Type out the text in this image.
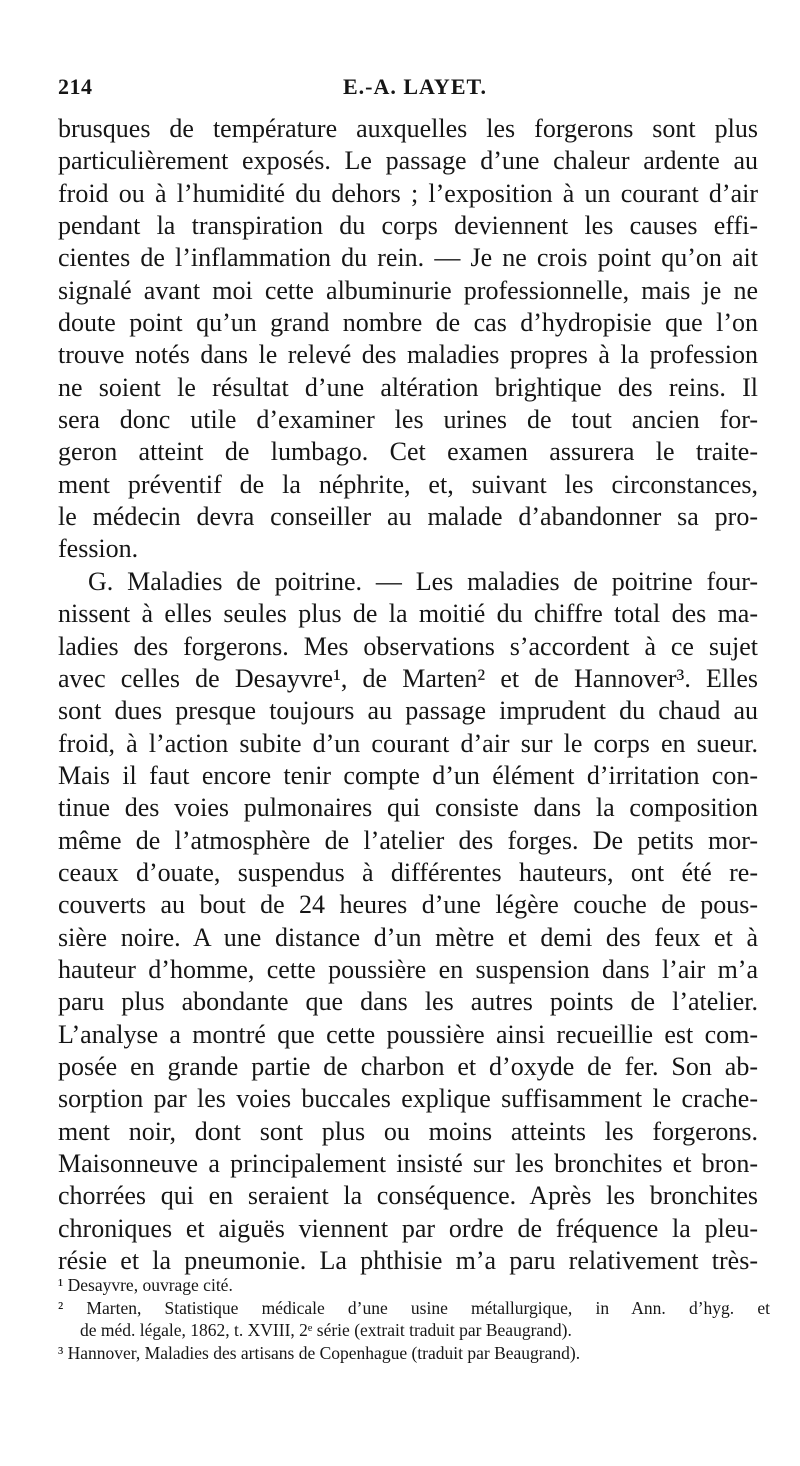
214	E.-A. LAYET.
brusques de température auxquelles les forgerons sont plus
particulièrement exposés. Le passage d’une chaleur ardente au
froid ou à l’humidité du dehors ; l’exposition à un courant d’air
pendant la transpiration du corps deviennent les causes effi-
cientes de l’inflammation du rein. — Je ne crois point qu’on ait
signalé avant moi cette albuminurie professionnelle, mais je ne
doute point qu’un grand nombre de cas d’hydropisie que l’on
trouve notés dans le relevé des maladies propres à la profession
ne soient le résultat d’une altération brightique des reins. Il
sera donc utile d’examiner les urines de tout ancien for-
geron atteint de lumbago. Cet examen assurera le traite-
ment préventif de la néphrite, et, suivant les circonstances,
le médecin devra conseiller au malade d’abandonner sa pro-
fession.
G. Maladies de poitrine. — Les maladies de poitrine four-
nissent à elles seules plus de la moitié du chiffre total des ma-
ladies des forgerons. Mes observations s’accordent à ce sujet
avec celles de Desayvre¹, de Marten² et de Hannover³. Elles
sont dues presque toujours au passage imprudent du chaud au
froid, à l’action subite d’un courant d’air sur le corps en sueur.
Mais il faut encore tenir compte d’un élément d’irritation con-
tinue des voies pulmonaires qui consiste dans la composition
même de l’atmosphère de l’atelier des forges. De petits mor-
ceaux d’ouate, suspendus à différentes hauteurs, ont été re-
couverts au bout de 24 heures d’une légère couche de pous-
sière noire. A une distance d’un mètre et demi des feux et à
hauteur d’homme, cette poussière en suspension dans l’air m’a
paru plus abondante que dans les autres points de l’atelier.
L’analyse a montré que cette poussière ainsi recueillie est com-
posée en grande partie de charbon et d’oxyde de fer. Son ab-
sorption par les voies buccales explique suffisamment le crache-
ment noir, dont sont plus ou moins atteints les forgerons.
Maisonneuve a principalement insisté sur les bronchites et bron-
chorrées qui en seraient la conséquence. Après les bronchites
chroniques et aiguës viennent par ordre de fréquence la pleu-
résie et la pneumonie. La phthisie m’a paru relativement très-
¹ Desayvre, ouvrage cité.
² Marten, Statistique médicale d’une usine métallurgique, in Ann. d’hyg. et
de méd. légale, 1862, t. XVIII, 2ᵉ série (extrait traduit par Beaugrand).
³ Hannover, Maladies des artisans de Copenhague (traduit par Beaugrand).
